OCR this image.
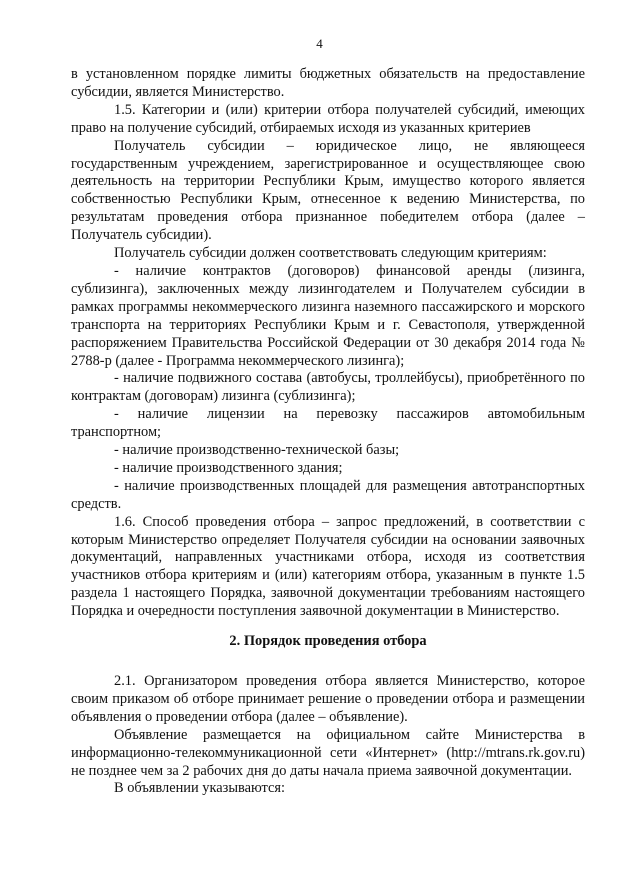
4

в установленном порядке лимиты бюджетных обязательств на предоставление субсидии, является Министерство.

1.5. Категории и (или) критерии отбора получателей субсидий, имеющих право на получение субсидий, отбираемых исходя из указанных критериев

Получатель субсидии – юридическое лицо, не являющееся государственным учреждением, зарегистрированное и осуществляющее свою деятельность на территории Республики Крым, имущество которого является собственностью Республики Крым, отнесенное к ведению Министерства, по результатам проведения отбора признанное победителем отбора (далее – Получатель субсидии).

Получатель субсидии должен соответствовать следующим критериям:

- наличие контрактов (договоров) финансовой аренды (лизинга, сублизинга), заключенных между лизингодателем и Получателем субсидии в рамках программы некоммерческого лизинга наземного пассажирского и морского транспорта на территориях Республики Крым и г. Севастополя, утвержденной распоряжением Правительства Российской Федерации от 30 декабря 2014 года № 2788-р (далее - Программа некоммерческого лизинга);

- наличие подвижного состава (автобусы, троллейбусы), приобретённого по контрактам (договорам) лизинга (сублизинга);

- наличие лицензии на перевозку пассажиров автомобильным транспортном;

- наличие производственно-технической базы;

- наличие производственного здания;

- наличие производственных площадей для размещения автотранспортных средств.

1.6. Способ проведения отбора – запрос предложений, в соответствии с которым Министерство определяет Получателя субсидии на основании заявочных документаций, направленных участниками отбора, исходя из соответствия участников отбора критериям и (или) категориям отбора, указанным в пункте 1.5 раздела 1 настоящего Порядка, заявочной документации требованиям настоящего Порядка и очередности поступления заявочной документации в Министерство.

2. Порядок проведения отбора

2.1. Организатором проведения отбора является Министерство, которое своим приказом об отборе принимает решение о проведении отбора и размещении объявления о проведении отбора (далее – объявление).

Объявление размещается на официальном сайте Министерства в информационно-телекоммуникационной сети «Интернет» (http://mtrans.rk.gov.ru) не позднее чем за 2 рабочих дня до даты начала приема заявочной документации.

В объявлении указываются:
